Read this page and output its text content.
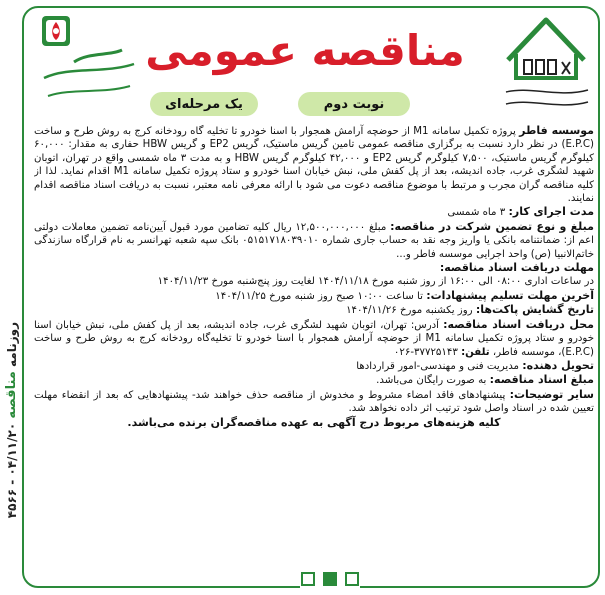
روزنامه مناقصه ۰۴/۱۱/۲۰ - ۴۵۶۶
مناقصه عمومی
نوبت دوم
یک مرحله‌ای

موسسه فاطر پروژه تکمیل سامانه M1 از حوضچه آرامش همجوار با اسنا خودرو تا تخلیه گاه رودخانه کرج به روش طرح و ساخت (E.P.C) در نظر دارد نسبت به برگزاری مناقصه عمومی تامین گریس ماستیک، گریس EP2 و گریس HBW حفاری به مقدار: ۶۰,۰۰۰ کیلوگرم گریس ماستیک، ۷,۵۰۰ کیلوگرم گریس EP2 و ۴۲,۰۰۰ کیلوگرم گریس HBW و به مدت ۳ ماه شمسی واقع در تهران، اتوبان شهید لشگری غرب، جاده اندیشه، بعد از پل کفش ملی، نبش خیابان اسنا خودرو و ستاد پروژه تکمیل سامانه M1 اقدام نماید. لذا از کلیه مناقصه گران مجرب و مرتبط با موضوع مناقصه دعوت می شود با ارائه معرفی نامه معتبر، نسبت به دریافت اسناد مناقصه اقدام نمایند.

مدت اجرای کار: ۳ ماه شمسی

مبلغ و نوع تضمین شرکت در مناقصه: مبلغ ۱۲,۵۰۰,۰۰۰,۰۰۰ ریال کلیه تضامین مورد قبول آیین‌نامه تضمین معاملات دولتی اعم از: ضمانتنامه بانکی یا واریز وجه نقد به حساب جاری شماره ۰۵۱۵۱۷۱۸۰۳۹۰۱۰ بانک سپه شعبه تهرانسر به نام قرارگاه سازندگی خاتم‌الانبیا (ص) واحد اجرایی موسسه فاطر و...

مهلت دریافت اسناد مناقصه:

در ساعات اداری ۰۸:۰۰ الی ۱۶:۰۰ از روز شنبه مورخ ۱۴۰۴/۱۱/۱۸ لغایت روز پنج‌شنبه مورخ ۱۴۰۴/۱۱/۲۳

آخرین مهلت تسلیم پیشنهادات: تا ساعت ۱۰:۰۰ صبح روز شنبه مورخ ۱۴۰۴/۱۱/۲۵

تاریخ گشایش پاکت‌ها: روز یکشنبه مورخ ۱۴۰۴/۱۱/۲۶

محل دریافت اسناد مناقصه: آدرس: تهران، اتوبان شهید لشگری غرب، جاده اندیشه، بعد از پل کفش ملی، نبش خیابان اسنا خودرو و ستاد پروژه تکمیل سامانه M1 از حوضچه آرامش همجوار با اسنا خودرو تا تخلیه‌گاه رودخانه کرج به روش طرح و ساخت (E.P.C)، موسسه فاطر، تلفن: ۳۷۷۲۵۱۴۳-۰۲۶

تحویل دهنده: مدیریت فنی و مهندسی-امور قراردادها

مبلغ اسناد مناقصه: به صورت رایگان می‌باشد.

سایر توضیحات: پیشنهادهای فاقد امضاء مشروط و مخدوش از مناقصه حذف خواهند شد- پیشنهادهایی که بعد از انقضاء مهلت تعیین شده در اسناد واصل شود ترتیب اثر داده نخواهد شد.

کلیه هزینه‌های مربوط درج آگهی به عهده مناقصه‌گران برنده می‌باشد.
